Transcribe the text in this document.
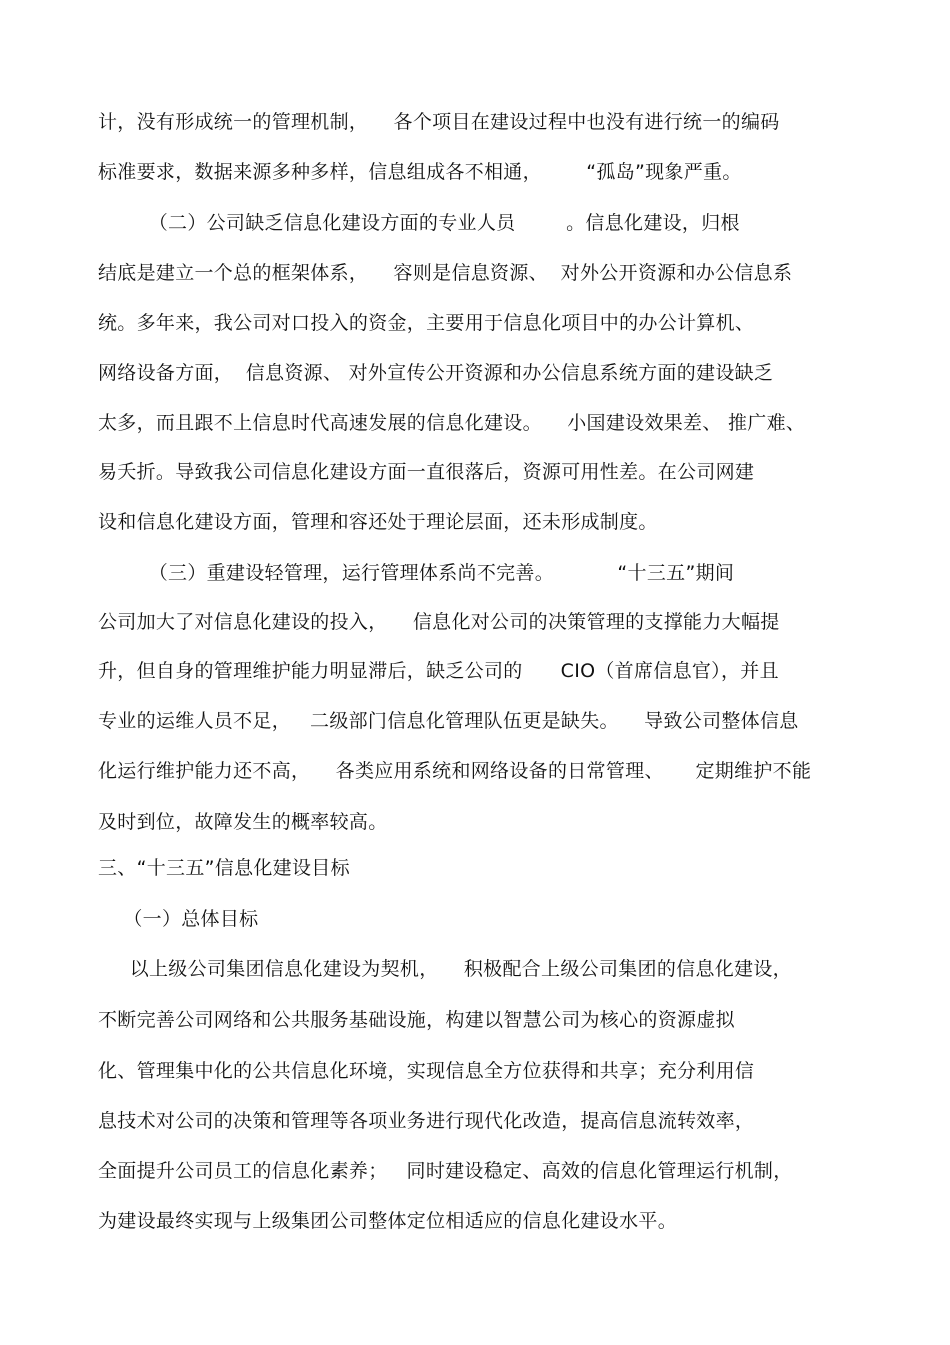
计，没有形成统一的管理机制，    各个项目在建设过程中也没有进行统一的编码
标准要求，数据来源多种多样，信息组成各不相通，       “孤岛”现象严重。
（二）公司缺乏信息化建设方面的专业人员        。信息化建设，归根
结底是建立一个总的框架体系，    容则是信息资源、  对外公开资源和办公信息系
统。多年来，我公司对口投入的资金，主要用于信息化项目中的办公计算机、
网络设备方面，  信息资源、 对外宣传公开资源和办公信息系统方面的建设缺乏
太多，而且跟不上信息时代高速发展的信息化建设。    小国建设效果差、 推广难、
易夭折。导致我公司信息化建设方面一直很落后，资源可用性差。在公司网建
设和信息化建设方面，管理和容还处于理论层面，还未形成制度。
（三）重建设轻管理，运行管理体系尚不完善。          “十三五”期间
公司加大了对信息化建设的投入，    信息化对公司的决策管理的支撑能力大幅提
升，但自身的管理维护能力明显滞后，缺乏公司的      CIO（首席信息官），并且
专业的运维人员不足，   二级部门信息化管理队伍更是缺失。    导致公司整体信息
化运行维护能力还不高，    各类应用系统和网络设备的日常管理、     定期维护不能
及时到位，故障发生的概率较高。
三、“十三五”信息化建设目标
（一）总体目标
以上级公司集团信息化建设为契机，    积极配合上级公司集团的信息化建设，
不断完善公司网络和公共服务基础设施，构建以智慧公司为核心的资源虚拟
化、管理集中化的公共信息化环境，实现信息全方位获得和共享；充分利用信
息技术对公司的决策和管理等各项业务进行现代化改造，提高信息流转效率，
全面提升公司员工的信息化素养；   同时建设稳定、高效的信息化管理运行机制，
为建设最终实现与上级集团公司整体定位相适应的信息化建设水平。
